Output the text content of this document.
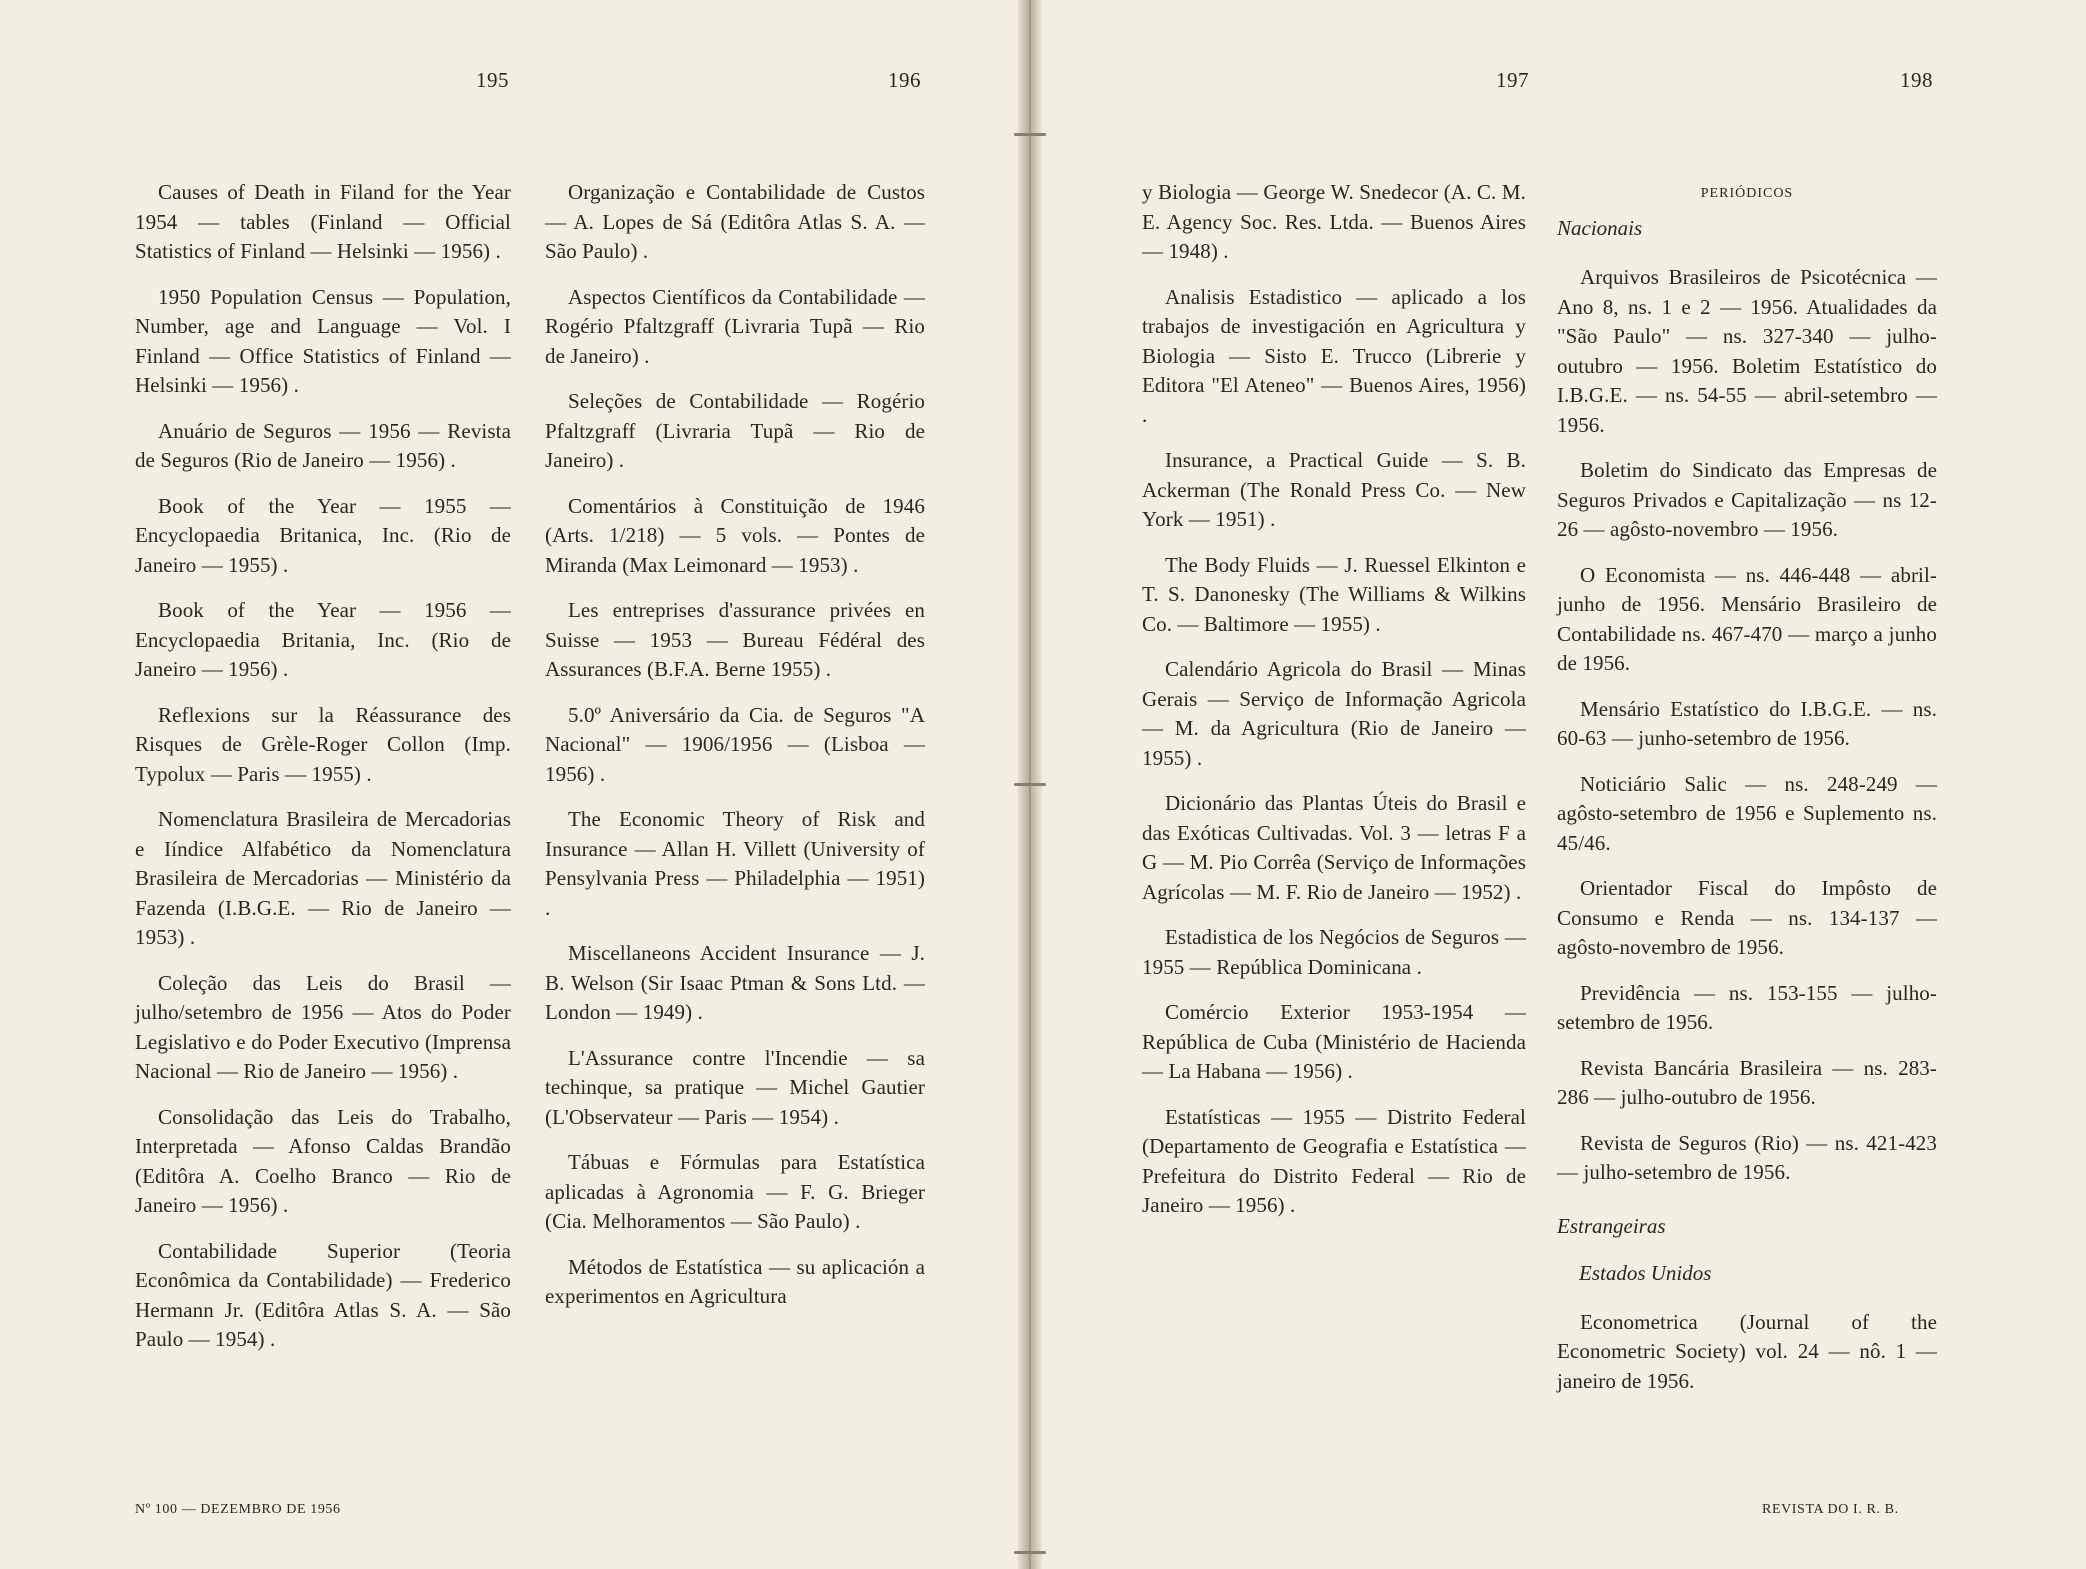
195	196	197	198

Causes of Death in Filand for the Year 1954 — tables (Finland — Official Statistics of Finland — Helsinki — 1956) .

1950 Population Census — Population, Number, age and Language — Vol. I Finland — Office Statistics of Finland — Helsinki — 1956) .

Anuário de Seguros — 1956 — Revista de Seguros (Rio de Janeiro — 1956) .

Book of the Year — 1955 — Encyclopaedia Britanica, Inc. (Rio de Janeiro — 1955) .

Book of the Year — 1956 — Encyclopaedia Britania, Inc. (Rio de Janeiro — 1956) .

Reflexions sur la Réassurance des Risques de Grèle-Roger Collon (Imp. Typolux — Paris — 1955) .

Nomenclatura Brasileira de Mercadorias e Iíndice Alfabético da Nomenclatura Brasileira de Mercadorias — Ministério da Fazenda (I.B.G.E. — Rio de Janeiro — 1953) .

Coleção das Leis do Brasil — julho/setembro de 1956 — Atos do Poder Legislativo e do Poder Executivo (Imprensa Nacional — Rio de Janeiro — 1956) .

Consolidação das Leis do Trabalho, Interpretada — Afonso Caldas Brandão (Editôra A. Coelho Branco — Rio de Janeiro — 1956) .

Contabilidade Superior (Teoria Econômica da Contabilidade) — Frederico Hermann Jr. (Editôra Atlas S. A. — São Paulo — 1954) .

Organização e Contabilidade de Custos — A. Lopes de Sá (Editôra Atlas S. A. — São Paulo) .

Aspectos Científicos da Contabilidade — Rogério Pfaltzgraff (Livraria Tupã — Rio de Janeiro) .

Seleções de Contabilidade — Rogério Pfaltzgraff (Livraria Tupã — Rio de Janeiro) .

Comentários à Constituição de 1946 (Arts. 1/218) — 5 vols. — Pontes de Miranda (Max Leimonard — 1953) .

Les entreprises d'assurance privées en Suisse — 1953 — Bureau Fédéral des Assurances (B.F.A. Berne 1955) .

5.0º Aniversário da Cia. de Seguros "A Nacional" — 1906/1956 — (Lisboa — 1956) .

The Economic Theory of Risk and Insurance — Allan H. Villett (University of Pensylvania Press — Philadelphia — 1951) .

Miscellaneons Accident Insurance — J. B. Welson (Sir Isaac Ptman & Sons Ltd. — London — 1949) .

L'Assurance contre l'Incendie — sa techinque, sa pratique — Michel Gautier (L'Observateur — Paris — 1954) .

Tábuas e Fórmulas para Estatística aplicadas à Agronomia — F. G. Brieger (Cia. Melhoramentos — São Paulo) .

Métodos de Estatística — su aplicación a experimentos en Agricultura

y Biologia — George W. Snedecor (A. C. M. E. Agency Soc. Res. Ltda. — Buenos Aires — 1948) .

Analisis Estadistico — aplicado a los trabajos de investigación en Agricultura y Biologia — Sisto E. Trucco (Librerie y Editora "El Ateneo" — Buenos Aires, 1956) .

Insurance, a Practical Guide — S. B. Ackerman (The Ronald Press Co. — New York — 1951) .

The Body Fluids — J. Ruessel Elkinton e T. S. Danonesky (The Williams & Wilkins Co. — Baltimore — 1955) .

Calendário Agricola do Brasil — Minas Gerais — Serviço de Informação Agricola — M. da Agricultura (Rio de Janeiro — 1955) .

Dicionário das Plantas Úteis do Brasil e das Exóticas Cultivadas. Vol. 3 — letras F a G — M. Pio Corrêa (Serviço de Informações Agrícolas — M. F. Rio de Janeiro — 1952) .

Estadistica de los Negócios de Seguros — 1955 — República Dominicana .

Comércio Exterior 1953-1954 — República de Cuba (Ministério de Hacienda — La Habana — 1956) .

Estatísticas — 1955 — Distrito Federal (Departamento de Geografia e Estatística — Prefeitura do Distrito Federal — Rio de Janeiro — 1956) .

PERIÓDICOS
Nacionais

Arquivos Brasileiros de Psicotécnica — Ano 8, ns. 1 e 2 — 1956. Atualidades da "São Paulo" — ns. 327-340 — julho-outubro — 1956. Boletim Estatístico do I.B.G.E. — ns. 54-55 — abril-setembro — 1956.

Boletim do Sindicato das Empresas de Seguros Privados e Capitalização — ns 12-26 — agôsto-novembro — 1956.

O Economista — ns. 446-448 — abril-junho de 1956. Mensário Brasileiro de Contabilidade ns. 467-470 — março a junho de 1956.

Mensário Estatístico do I.B.G.E. — ns. 60-63 — junho-setembro de 1956.

Noticiário Salic — ns. 248-249 — agôsto-setembro de 1956 e Suplemento ns. 45/46.

Orientador Fiscal do Impôsto de Consumo e Renda — ns. 134-137 — agôsto-novembro de 1956.

Previdência — ns. 153-155 — julho-setembro de 1956.

Revista Bancária Brasileira — ns. 283-286 — julho-outubro de 1956.

Revista de Seguros (Rio) — ns. 421-423 — julho-setembro de 1956.

Estrangeiras
Estados Unidos

Econometrica (Journal of the Econometric Society) vol. 24 — nô. 1 — janeiro de 1956.

Nº 100 — DEZEMBRO DE 1956	REVISTA DO I. R. B.
